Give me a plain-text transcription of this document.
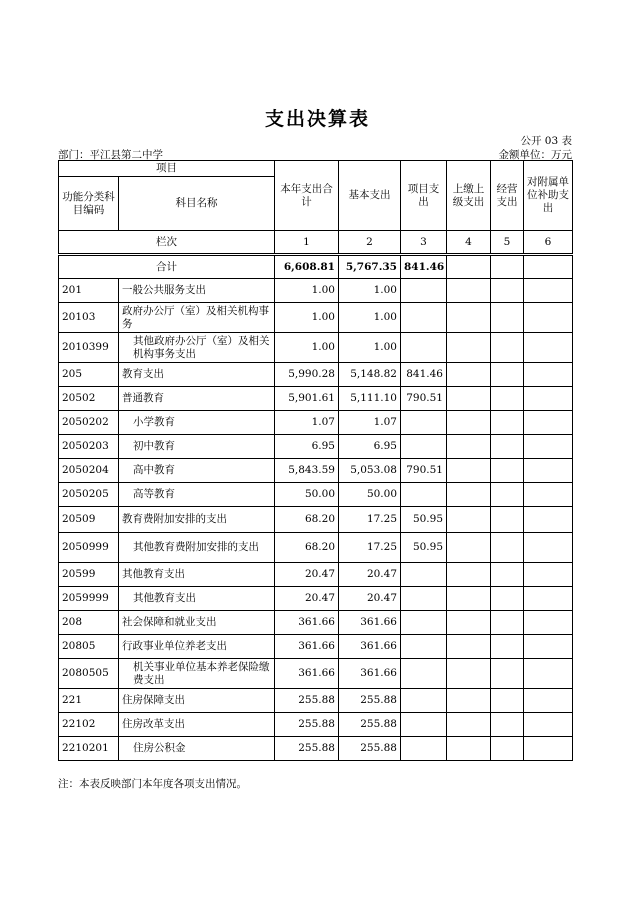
支出决算表
公开 03 表
部门：平江县第二中学	金额单位：万元
项目		本年支出合计	基本支出	项目支出	上缴上级支出	经营支出	对附属单位补助支出
功能分类科目编码	科目名称						
栏次		1	2	3	4	5	6
合计		6,608.81	5,767.35	841.46			
201	一般公共服务支出	1.00	1.00				
20103	政府办公厅（室）及相关机构事务	1.00	1.00				
2010399	其他政府办公厅（室）及相关机构事务支出	1.00	1.00				
205	教育支出	5,990.28	5,148.82	841.46			
20502	普通教育	5,901.61	5,111.10	790.51			
2050202	小学教育	1.07	1.07				
2050203	初中教育	6.95	6.95				
2050204	高中教育	5,843.59	5,053.08	790.51			
2050205	高等教育	50.00	50.00				
20509	教育费附加安排的支出	68.20	17.25	50.95			
2050999	其他教育费附加安排的支出	68.20	17.25	50.95			
20599	其他教育支出	20.47	20.47				
2059999	其他教育支出	20.47	20.47				
208	社会保障和就业支出	361.66	361.66				
20805	行政事业单位养老支出	361.66	361.66				
2080505	机关事业单位基本养老保险缴费支出	361.66	361.66				
221	住房保障支出	255.88	255.88				
22102	住房改革支出	255.88	255.88				
2210201	住房公积金	255.88	255.88				
注：本表反映部门本年度各项支出情况。
